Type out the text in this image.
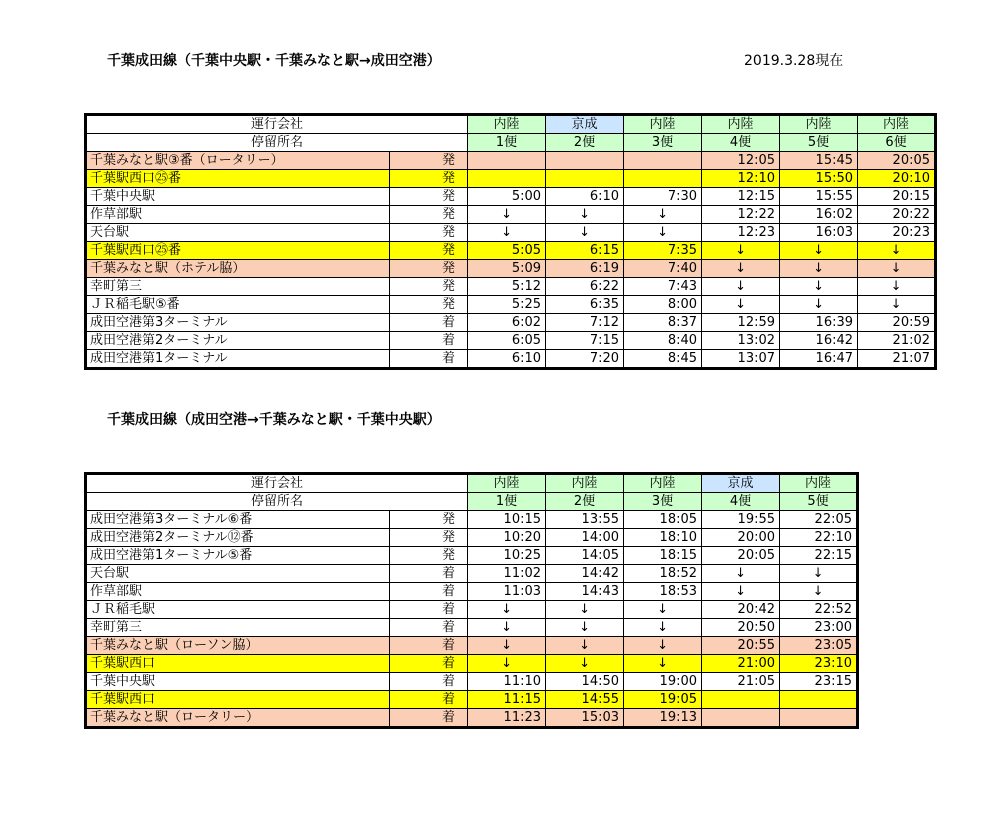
千葉成田線（千葉中央駅・千葉みなと駅→成田空港）	2019.3.28現在
運行会社		内陸	京成	内陸	内陸	内陸	内陸
停留所名		1便	2便	3便	4便	5便	6便
千葉みなと駅③番（ロータリー）	発				12:05	15:45	20:05
千葉駅西口㉕番	発				12:10	15:50	20:10
千葉中央駅	発	5:00	6:10	7:30	12:15	15:55	20:15
作草部駅	発	↓	↓	↓	12:22	16:02	20:22
天台駅	発	↓	↓	↓	12:23	16:03	20:23
千葉駅西口㉕番	発	5:05	6:15	7:35	↓	↓	↓
千葉みなと駅（ホテル脇）	発	5:09	6:19	7:40	↓	↓	↓
幸町第三	発	5:12	6:22	7:43	↓	↓	↓
ＪＲ稲毛駅⑤番	発	5:25	6:35	8:00	↓	↓	↓
成田空港第3ターミナル	着	6:02	7:12	8:37	12:59	16:39	20:59
成田空港第2ターミナル	着	6:05	7:15	8:40	13:02	16:42	21:02
成田空港第1ターミナル	着	6:10	7:20	8:45	13:07	16:47	21:07
千葉成田線（成田空港→千葉みなと駅・千葉中央駅）
運行会社		内陸	内陸	内陸	京成	内陸
停留所名		1便	2便	3便	4便	5便
成田空港第3ターミナル⑥番	発	10:15	13:55	18:05	19:55	22:05
成田空港第2ターミナル⑫番	発	10:20	14:00	18:10	20:00	22:10
成田空港第1ターミナル⑤番	発	10:25	14:05	18:15	20:05	22:15
天台駅	着	11:02	14:42	18:52	↓	↓
作草部駅	着	11:03	14:43	18:53	↓	↓
ＪＲ稲毛駅	着	↓	↓	↓	20:42	22:52
幸町第三	着	↓	↓	↓	20:50	23:00
千葉みなと駅（ローソン脇）	着	↓	↓	↓	20:55	23:05
千葉駅西口	着	↓	↓	↓	21:00	23:10
千葉中央駅	着	11:10	14:50	19:00	21:05	23:15
千葉駅西口	着	11:15	14:55	19:05		
千葉みなと駅（ロータリー）	着	11:23	15:03	19:13		
